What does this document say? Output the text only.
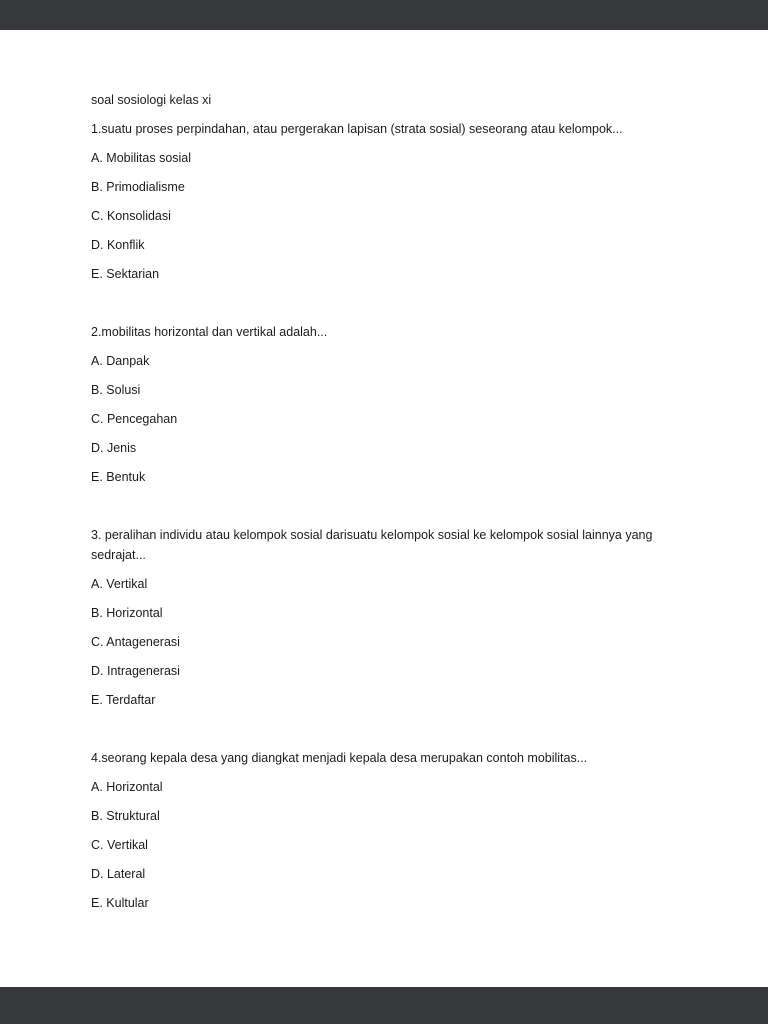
soal sosiologi kelas xi

1.suatu proses perpindahan, atau pergerakan lapisan (strata sosial) seseorang atau kelompok...

A. Mobilitas sosial

B. Primodialisme

C. Konsolidasi

D. Konflik

E. Sektarian

2.mobilitas horizontal dan vertikal adalah...

A. Danpak

B. Solusi

C. Pencegahan

D. Jenis

E. Bentuk

3. peralihan individu atau kelompok sosial darisuatu kelompok sosial ke kelompok sosial lainnya yang
sedrajat...

A. Vertikal

B. Horizontal

C. Antagenerasi

D. Intragenerasi

E. Terdaftar

4.seorang kepala desa yang diangkat menjadi kepala desa merupakan contoh mobilitas...

A. Horizontal

B. Struktural

C. Vertikal

D. Lateral

E. Kultular
